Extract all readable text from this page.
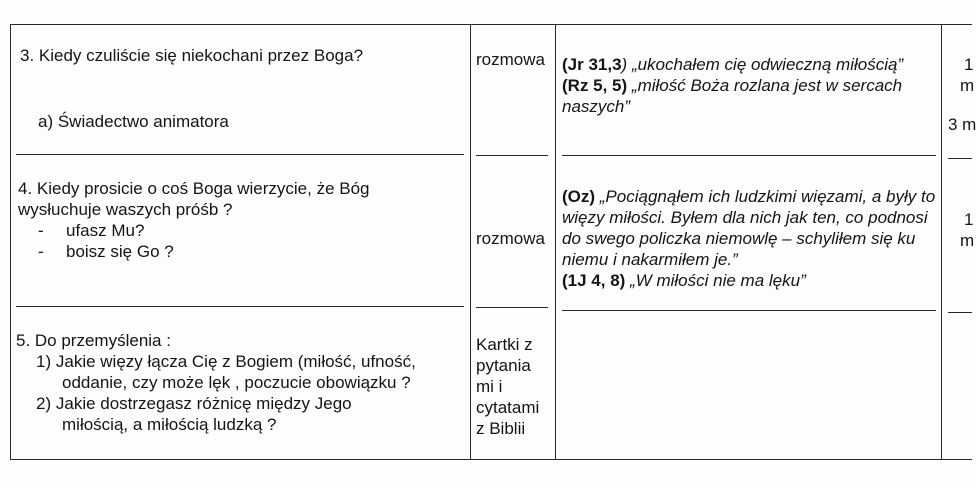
3. Kiedy czuliście się niekochani przez Boga?
a) Świadectwo animatora
rozmowa	(Jr 31,3) „ukochałem cię odwieczną miłością”
(Rz 5, 5) „miłość Boża rozlana jest w sercach naszych”
1
m
3 m
4. Kiedy prosicie o coś Boga wierzycie, że Bóg
wysłuchuje waszych próśb ?
- ufasz Mu?
- boisz się Go ?
rozmowa
(Oz) „Pociągnąłem ich ludzkimi więzami, a były to więzy miłości. Byłem dla nich jak ten, co podnosi do swego policzka niemowlę – schyliłem się ku niemu i nakarmiłem je.”
(1J 4, 8) „W miłości nie ma lęku”
1
m
5. Do przemyślenia :
1) Jakie więzy łącza Cię z Bogiem (miłość, ufność,
oddanie, czy może lęk , poczucie obowiązku ?
2) Jakie dostrzegasz różnicę między Jego
miłością, a miłością ludzką ?
Kartki z
pytania
mi i
cytatami
z Biblii
